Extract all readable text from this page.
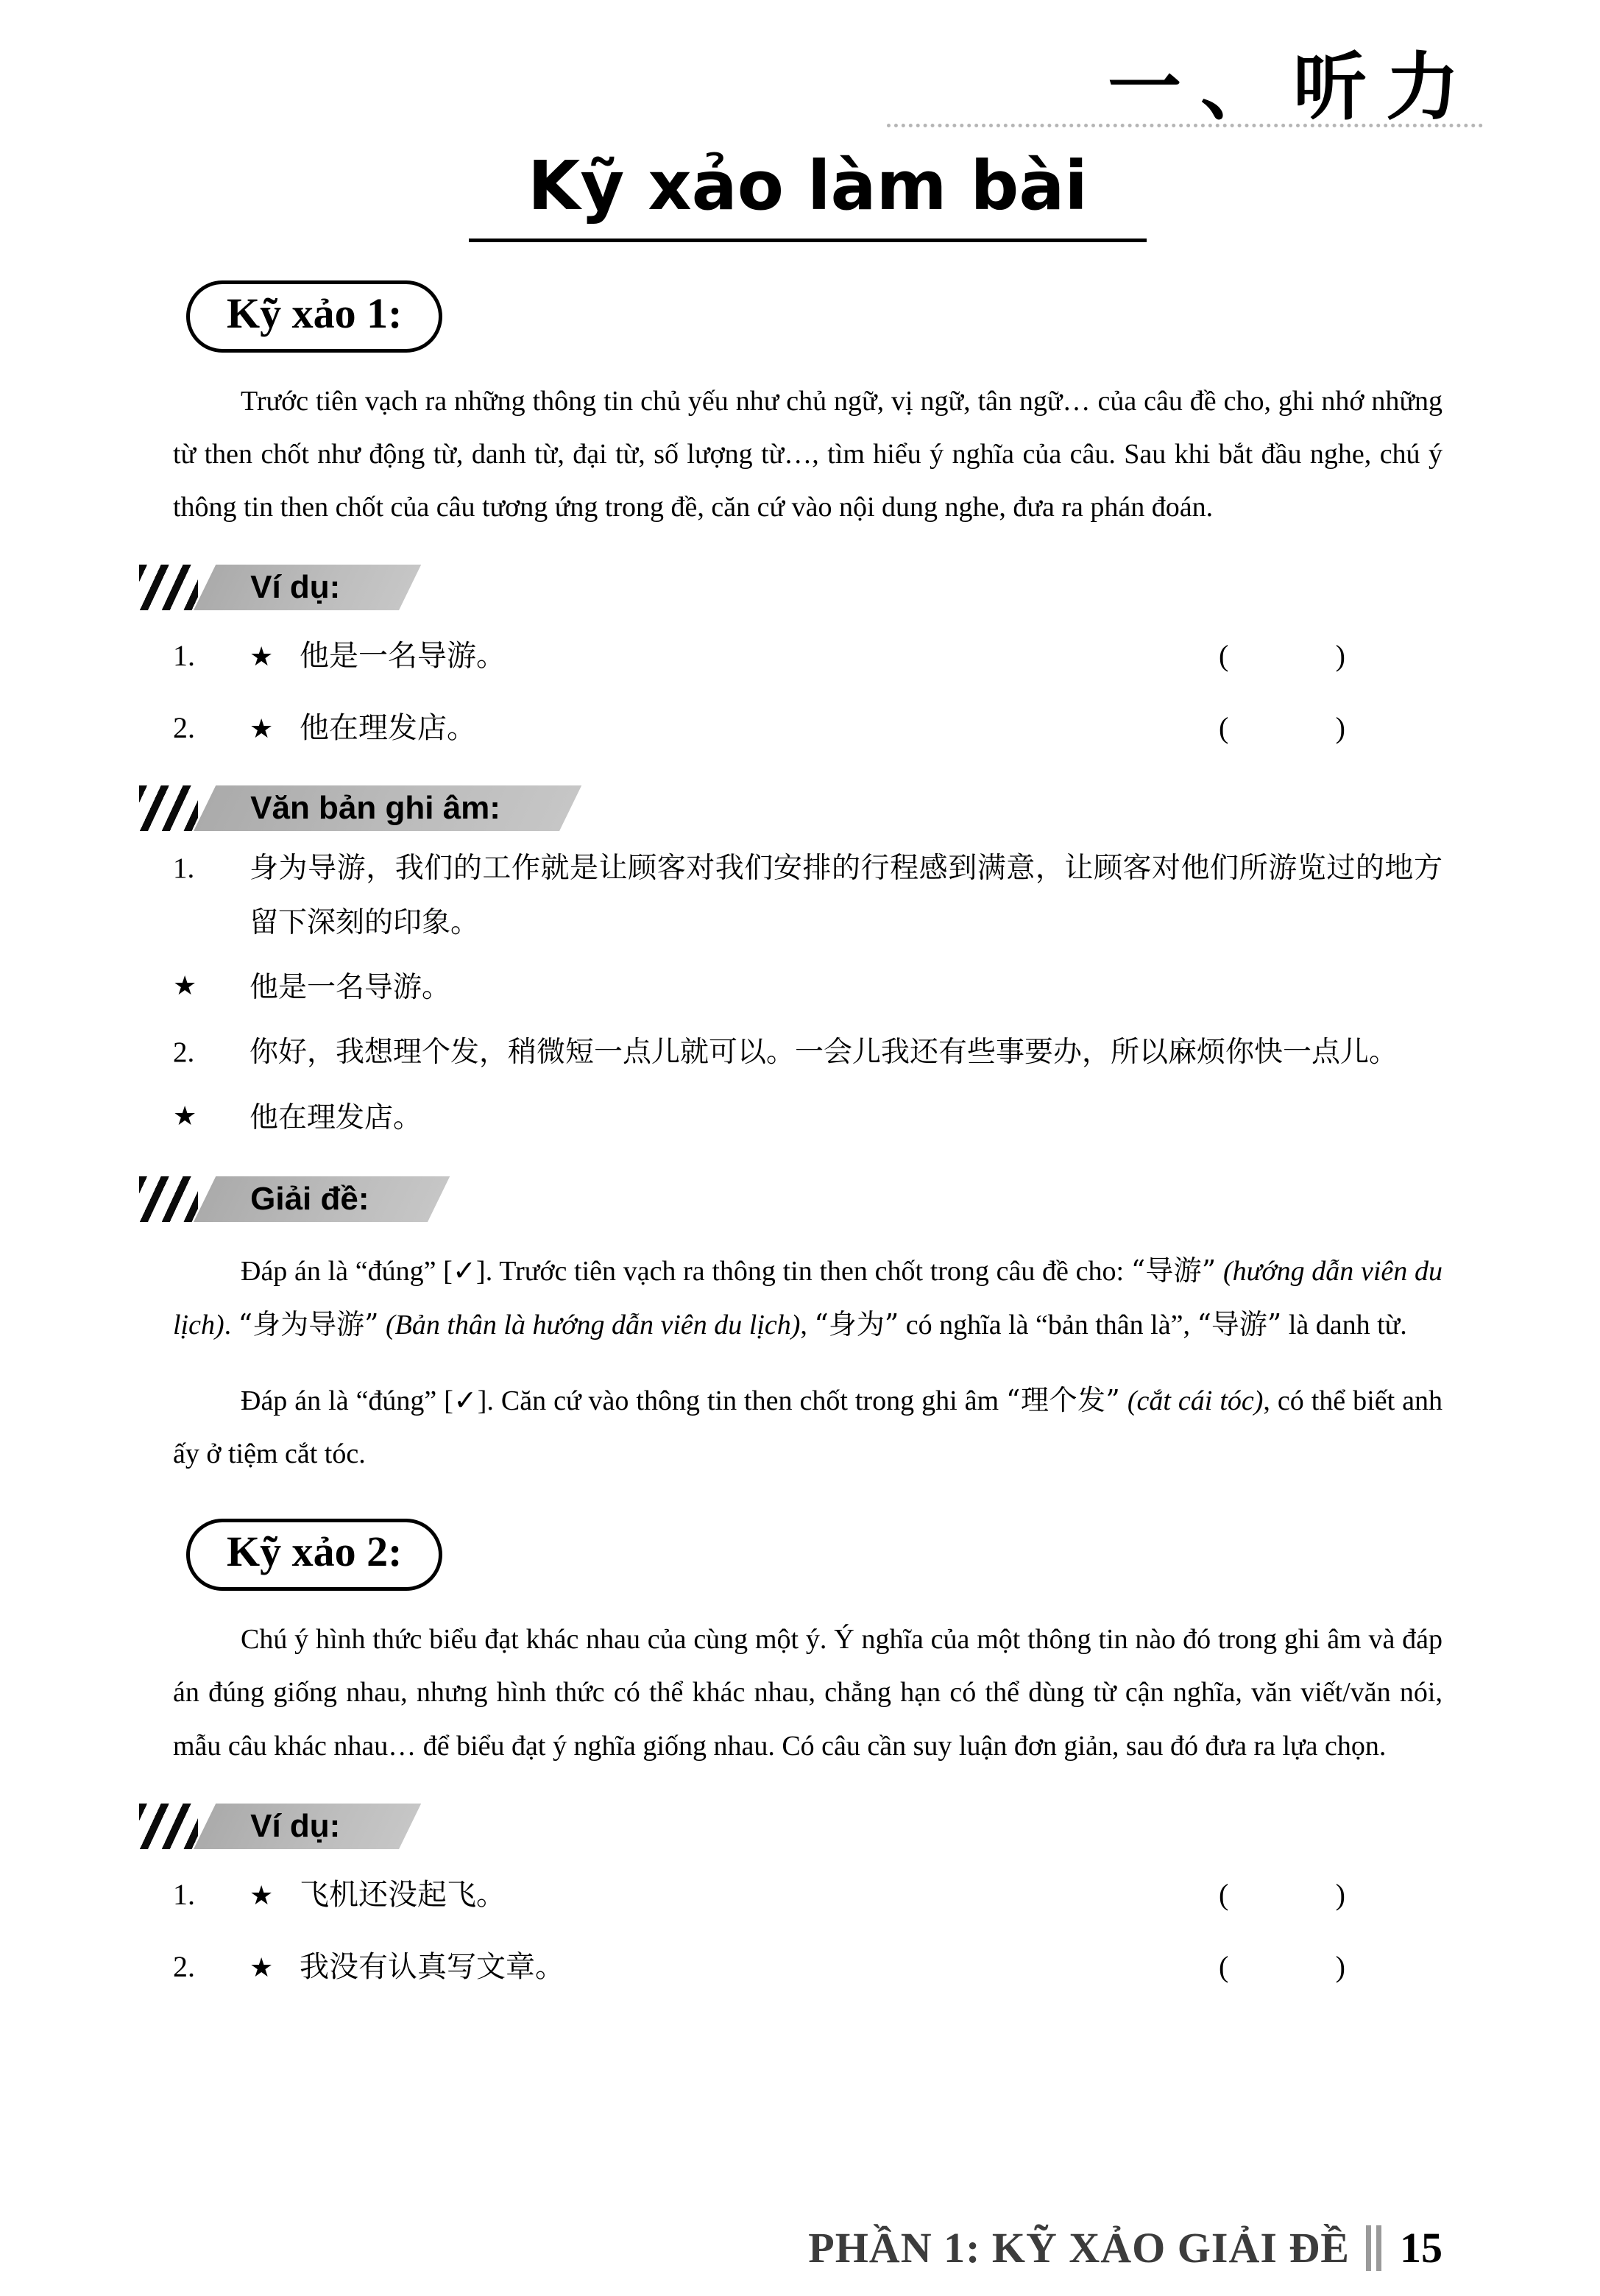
一、听力
Kỹ xảo làm bài
Kỹ xảo 1:

Trước tiên vạch ra những thông tin chủ yếu như chủ ngữ, vị ngữ, tân ngữ… của câu đề cho, ghi nhớ những từ then chốt như động từ, danh từ, đại từ, số lượng từ…, tìm hiểu ý nghĩa của câu. Sau khi bắt đầu nghe, chú ý thông tin then chốt của câu tương ứng trong đề, căn cứ vào nội dung nghe, đưa ra phán đoán.

Ví dụ:
1.	★ 他是一名导游。	(	)
2.	★ 他在理发店。	(	)
Văn bản ghi âm:
1.	身为导游，我们的工作就是让顾客对我们安排的行程感到满意，让顾客对他们所游览过的地方留下深刻的印象。
★	他是一名导游。
2.	你好，我想理个发，稍微短一点儿就可以。一会儿我还有些事要办，所以麻烦你快一点儿。
★	他在理发店。
Giải đề:

Đáp án là “đúng” [✓]. Trước tiên vạch ra thông tin then chốt trong câu đề cho: “导游” (hướng dẫn viên du lịch). “身为导游” (Bản thân là hướng dẫn viên du lịch), “身为” có nghĩa là “bản thân là”, “导游” là danh từ.

Đáp án là “đúng” [✓]. Căn cứ vào thông tin then chốt trong ghi âm “理个发” (cắt cái tóc), có thể biết anh ấy ở tiệm cắt tóc.

Kỹ xảo 2:

Chú ý hình thức biểu đạt khác nhau của cùng một ý. Ý nghĩa của một thông tin nào đó trong ghi âm và đáp án đúng giống nhau, nhưng hình thức có thể khác nhau, chẳng hạn có thể dùng từ cận nghĩa, văn viết/văn nói, mẫu câu khác nhau… để biểu đạt ý nghĩa giống nhau. Có câu cần suy luận đơn giản, sau đó đưa ra lựa chọn.

Ví dụ:
1.	★ 飞机还没起飞。	(	)
2.	★ 我没有认真写文章。	(	)
PHẦN 1: KỸ XẢO GIẢI ĐỀ 15
